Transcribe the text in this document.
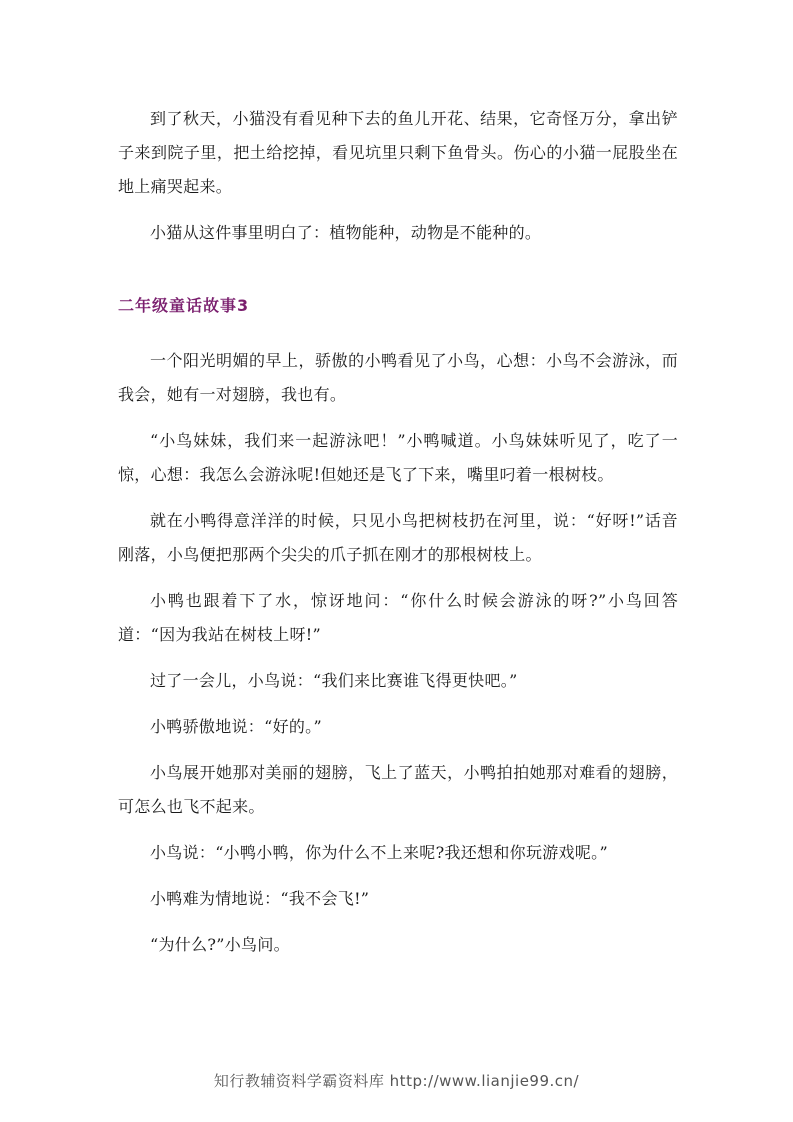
到了秋天，小猫没有看见种下去的鱼儿开花、结果，它奇怪万分，拿出铲子来到院子里，把土给挖掉，看见坑里只剩下鱼骨头。伤心的小猫一屁股坐在地上痛哭起来。

小猫从这件事里明白了：植物能种，动物是不能种的。

二年级童话故事3

一个阳光明媚的早上，骄傲的小鸭看见了小鸟，心想：小鸟不会游泳，而我会，她有一对翅膀，我也有。

“小鸟妹妹，我们来一起游泳吧！”小鸭喊道。小鸟妹妹听见了，吃了一惊，心想：我怎么会游泳呢!但她还是飞了下来，嘴里叼着一根树枝。

就在小鸭得意洋洋的时候，只见小鸟把树枝扔在河里，说：“好呀!”话音刚落，小鸟便把那两个尖尖的爪子抓在刚才的那根树枝上。

小鸭也跟着下了水，惊讶地问：“你什么时候会游泳的呀?”小鸟回答道：“因为我站在树枝上呀!”

过了一会儿，小鸟说：“我们来比赛谁飞得更快吧。”

小鸭骄傲地说：“好的。”

小鸟展开她那对美丽的翅膀，飞上了蓝天，小鸭拍拍她那对难看的翅膀，可怎么也飞不起来。

小鸟说：“小鸭小鸭，你为什么不上来呢?我还想和你玩游戏呢。”

小鸭难为情地说：“我不会飞!”

“为什么?”小鸟问。

知行教辅资料学霸资料库 http://www.lianjie99.cn/
